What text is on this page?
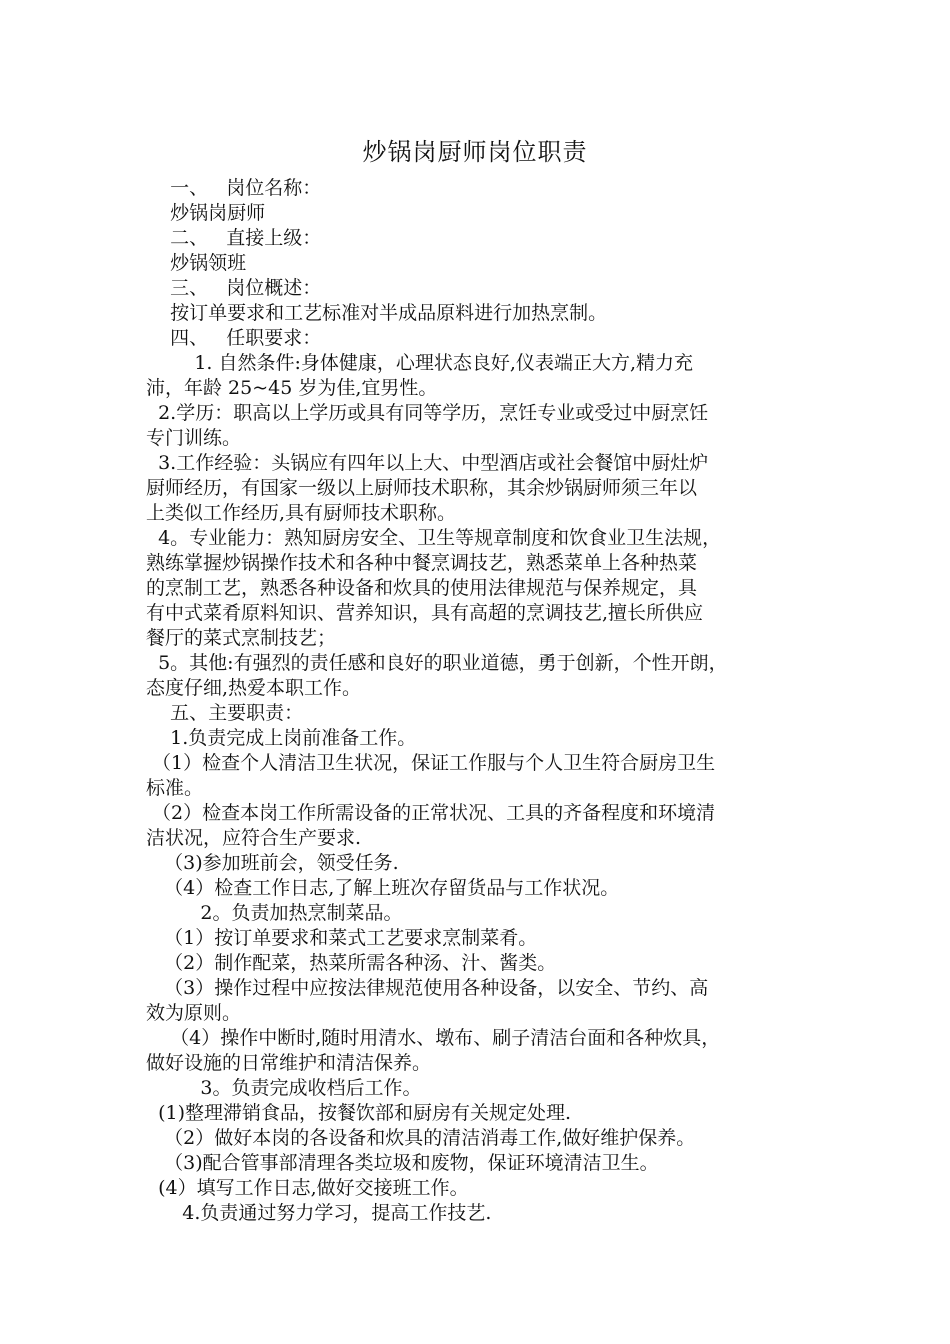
炒锅岗厨师岗位职责

一、   岗位名称：

炒锅岗厨师

二、   直接上级：

炒锅领班

三、   岗位概述：

按订单要求和工艺标准对半成品原料进行加热烹制。

四、   任职要求：

1. 自然条件:身体健康，心理状态良好,仪表端正大方,精力充

沛，年龄 25~45 岁为佳,宜男性。

2.学历：职高以上学历或具有同等学历，烹饪专业或受过中厨烹饪

专门训练。

3.工作经验：头锅应有四年以上大、中型酒店或社会餐馆中厨灶炉

厨师经历，有国家一级以上厨师技术职称，其余炒锅厨师须三年以

上类似工作经历,具有厨师技术职称。

4。专业能力：熟知厨房安全、卫生等规章制度和饮食业卫生法规，

熟练掌握炒锅操作技术和各种中餐烹调技艺，熟悉菜单上各种热菜

的烹制工艺，熟悉各种设备和炊具的使用法律规范与保养规定，具

有中式菜肴原料知识、营养知识，具有高超的烹调技艺,擅长所供应

餐厅的菜式烹制技艺；

5。其他:有强烈的责任感和良好的职业道德，勇于创新，个性开朗，

态度仔细,热爱本职工作。

五、主要职责：

1.负责完成上岗前准备工作。

（1）检查个人清洁卫生状况，保证工作服与个人卫生符合厨房卫生

标准。

（2）检查本岗工作所需设备的正常状况、工具的齐备程度和环境清

洁状况，应符合生产要求.

（3)参加班前会，领受任务.

（4）检查工作日志,了解上班次存留货品与工作状况。

2。负责加热烹制菜品。

（1）按订单要求和菜式工艺要求烹制菜肴。

（2）制作配菜，热菜所需各种汤、汁、酱类。

（3）操作过程中应按法律规范使用各种设备，以安全、节约、高

效为原则。

（4）操作中断时,随时用清水、墩布、刷子清洁台面和各种炊具，

做好设施的日常维护和清洁保养。

3。负责完成收档后工作。

(1)整理滞销食品，按餐饮部和厨房有关规定处理.

（2）做好本岗的各设备和炊具的清洁消毒工作,做好维护保养。

（3)配合管事部清理各类垃圾和废物，保证环境清洁卫生。

(4）填写工作日志,做好交接班工作。

4.负责通过努力学习，提高工作技艺.
